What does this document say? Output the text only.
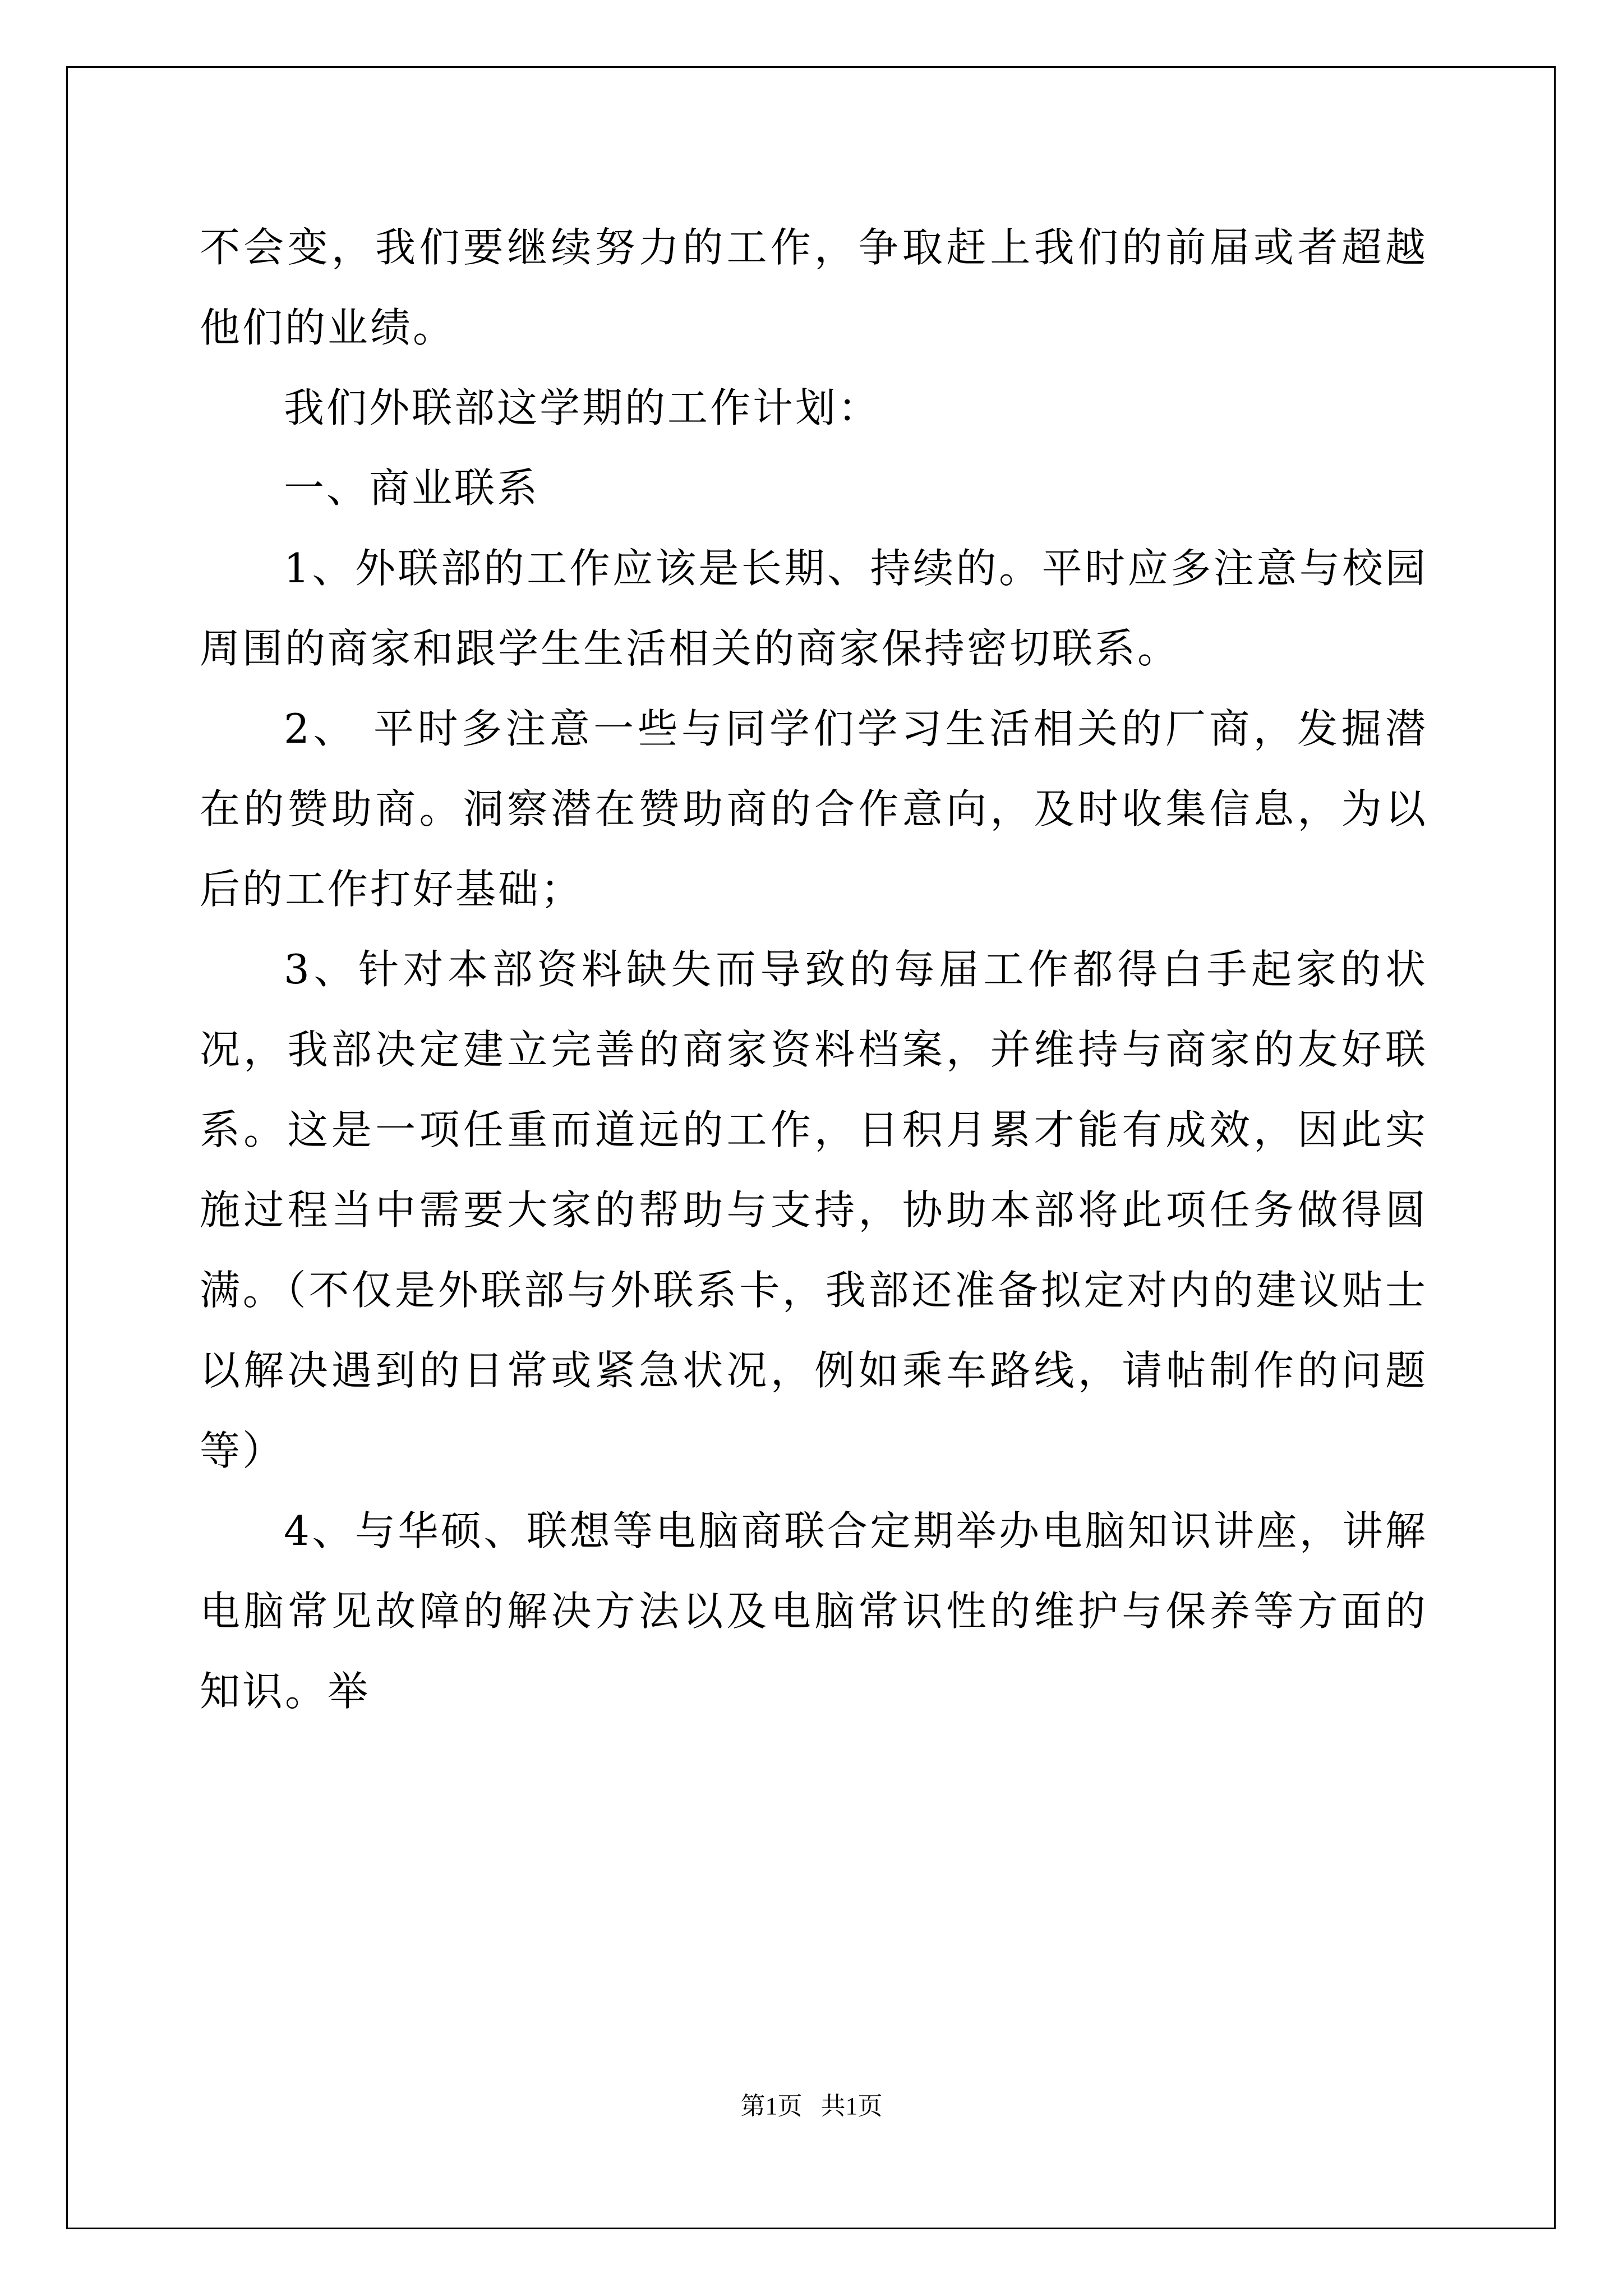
不会变，我们要继续努力的工作，争取赶上我们的前届或者超越他们的业绩。

我们外联部这学期的工作计划：

一、商业联系

1、外联部的工作应该是长期、持续的。平时应多注意与校园周围的商家和跟学生生活相关的商家保持密切联系。

2、 平时多注意一些与同学们学习生活相关的厂商，发掘潜在的赞助商。洞察潜在赞助商的合作意向，及时收集信息，为以后的工作打好基础；

3、针对本部资料缺失而导致的每届工作都得白手起家的状况，我部决定建立完善的商家资料档案，并维持与商家的友好联系。这是一项任重而道远的工作，日积月累才能有成效，因此实施过程当中需要大家的帮助与支持，协助本部将此项任务做得圆满。（不仅是外联部与外联系卡，我部还准备拟定对内的建议贴士以解决遇到的日常或紧急状况，例如乘车路线，请帖制作的问题等）

4、与华硕、联想等电脑商联合定期举办电脑知识讲座，讲解电脑常见故障的解决方法以及电脑常识性的维护与保养等方面的知识。举

第1页   共1页
